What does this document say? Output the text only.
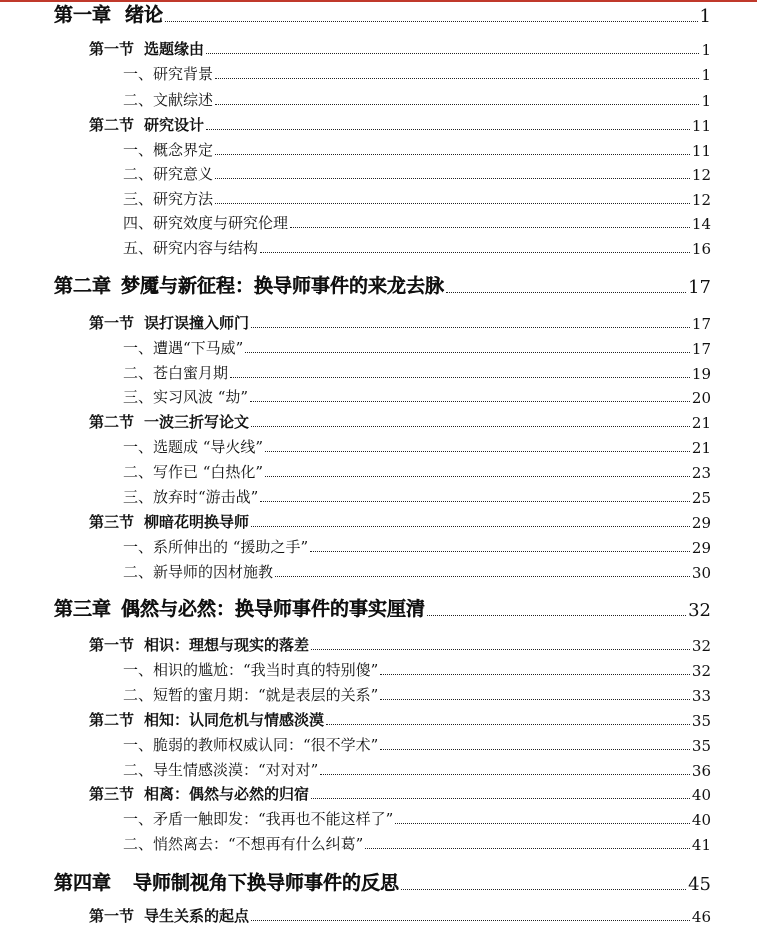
第一章 绪论	1
第一节 选题缘由	1
一、研究背景	1
二、文献综述	1
第二节 研究设计	11
一、概念界定	11
二、研究意义	12
三、研究方法	12
四、研究效度与研究伦理	14
五、研究内容与结构	16
第二章 梦魇与新征程：换导师事件的来龙去脉	17
第一节 误打误撞入师门	17
一、遭遇“下马威”	17
二、苍白蜜月期	19
三、实习风波 “劫”	20
第二节 一波三折写论文	21
一、选题成 “导火线”	21
二、写作已 “白热化”	23
三、放弃时“游击战”	25
第三节 柳暗花明换导师	29
一、系所伸出的 “援助之手”	29
二、新导师的因材施教	30
第三章 偶然与必然：换导师事件的事实厘清	32
第一节 相识：理想与现实的落差	32
一、相识的尴尬：“我当时真的特别傻”	32
二、短暂的蜜月期：“就是表层的关系”	33
第二节 相知：认同危机与情感淡漠	35
一、脆弱的教师权威认同：“很不学术”	35
二、导生情感淡漠：“对对对”	36
第三节 相离：偶然与必然的归宿	40
一、矛盾一触即发：“我再也不能这样了”	40
二、悄然离去：“不想再有什么纠葛”	41
第四章 导师制视角下换导师事件的反思	45
第一节 导生关系的起点	46
